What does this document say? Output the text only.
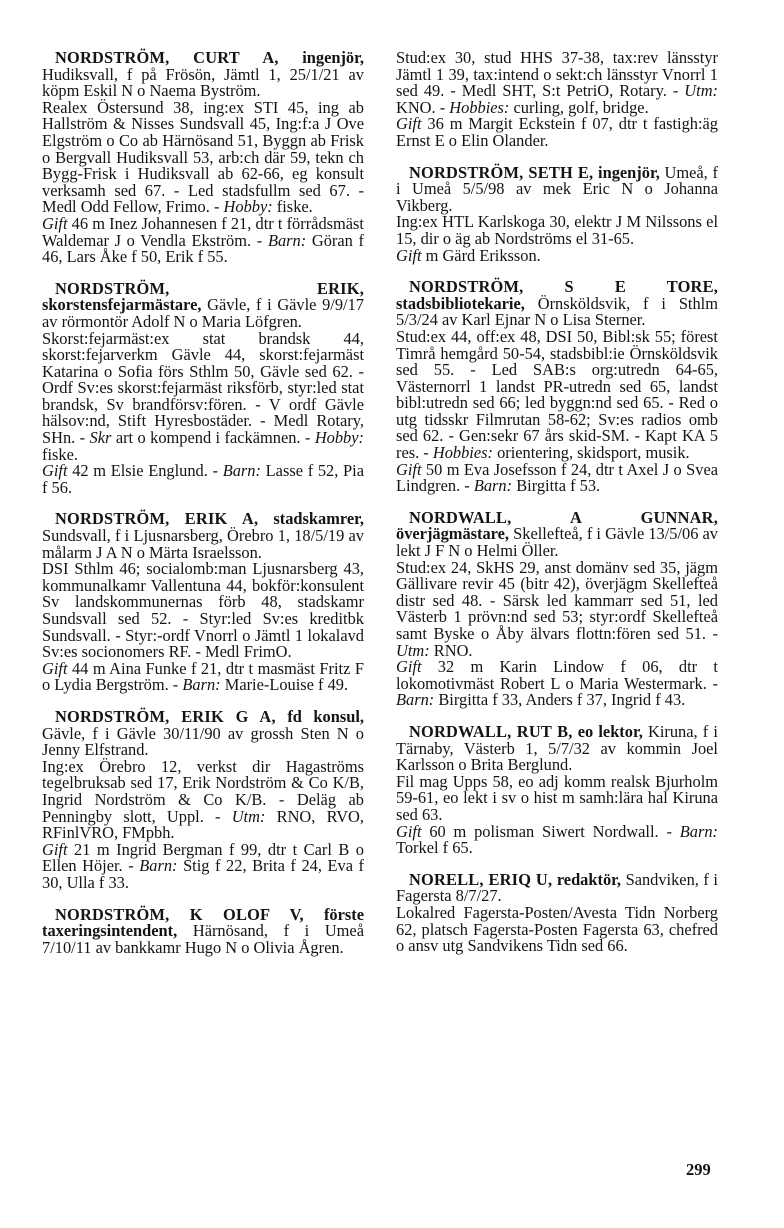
NORDSTRÖM, CURT A, ingenjör, Hudiksvall, f på Frösön, Jämtl 1, 25/1/21 av köpm Eskil N o Naema Byström.

Realex Östersund 38, ing:ex STI 45, ing ab Hallström & Nisses Sundsvall 45, Ing:f:a J Ove Elgström o Co ab Härnösand 51, Byggn ab Frisk o Bergvall Hudiksvall 53, arb:ch där 59, tekn ch Bygg-Frisk i Hudiksvall ab 62-66, eg konsult verksamh sed 67. - Led stadsfullm sed 67. - Medl Odd Fellow, Frimo. - Hobby: fiske.

Gift 46 m Inez Johannesen f 21, dtr t förrådsmäst Waldemar J o Vendla Ekström. - Barn: Göran f 46, Lars Åke f 50, Erik f 55.

NORDSTRÖM, ERIK, skorstensfejarmästare, Gävle, f i Gävle 9/9/17 av rörmontör Adolf N o Maria Löfgren.

Skorst:fejarmäst:ex stat brandsk 44, skorst:fejarverkm Gävle 44, skorst:fejarmäst Katarina o Sofia förs Sthlm 50, Gävle sed 62. - Ordf Sv:es skorst:fejarmäst riksförb, styr:led stat brandsk, Sv brandförsv:fören. - V ordf Gävle hälsov:nd, Stift Hyresbostäder. - Medl Rotary, SHn. - Skr art o kompend i fackämnen. - Hobby: fiske.

Gift 42 m Elsie Englund. - Barn: Lasse f 52, Pia f 56.

NORDSTRÖM, ERIK A, stadskamrer, Sundsvall, f i Ljusnarsberg, Örebro 1, 18/5/19 av målarm J A N o Märta Israelsson.

DSI Sthlm 46; socialomb:man Ljusnarsberg 43, kommunalkamr Vallentuna 44, bokför:konsulent Sv landskommunernas förb 48, stadskamr Sundsvall sed 52. - Styr:led Sv:es kreditbk Sundsvall. - Styr:-ordf Vnorrl o Jämtl 1 lokalavd Sv:es socionomers RF. - Medl FrimO.

Gift 44 m Aina Funke f 21, dtr t masmäst Fritz F o Lydia Bergström. - Barn: Marie-Louise f 49.

NORDSTRÖM, ERIK G A, fd konsul, Gävle, f i Gävle 30/11/90 av grossh Sten N o Jenny Elfstrand.

Ing:ex Örebro 12, verkst dir Hagaströms tegelbruksab sed 17, Erik Nordström & Co K/B, Ingrid Nordström & Co K/B. - Deläg ab Penningby slott, Uppl. - Utm: RNO, RVO, RFinlVRO, FMpbh.

Gift 21 m Ingrid Bergman f 99, dtr t Carl B o Ellen Höjer. - Barn: Stig f 22, Brita f 24, Eva f 30, Ulla f 33.

NORDSTRÖM, K OLOF V, förste taxeringsintendent, Härnösand, f i Umeå 7/10/11 av bankkamr Hugo N o Olivia Ågren.

Stud:ex 30, stud HHS 37-38, tax:rev länsstyr Jämtl 1 39, tax:intend o sekt:ch länsstyr Vnorrl 1 sed 49. - Medl SHT, S:t PetriO, Rotary. - Utm: KNO. - Hobbies: curling, golf, bridge.

Gift 36 m Margit Eckstein f 07, dtr t fastigh:äg Ernst E o Elin Olander.

NORDSTRÖM, SETH E, ingenjör, Umeå, f i Umeå 5/5/98 av mek Eric N o Johanna Vikberg.

Ing:ex HTL Karlskoga 30, elektr J M Nilssons el 15, dir o äg ab Nordströms el 31-65.

Gift m Gärd Eriksson.

NORDSTRÖM, S E TORE, stadsbibliotekarie, Örnsköldsvik, f i Sthlm 5/3/24 av Karl Ejnar N o Lisa Sterner.

Stud:ex 44, off:ex 48, DSI 50, Bibl:sk 55; förest Timrå hemgård 50-54, stadsbibl:ie Örnsköldsvik sed 55. - Led SAB:s org:utredn 64-65, Västernorrl 1 landst PR-utredn sed 65, landst bibl:utredn sed 66; led byggn:nd sed 65. - Red o utg tidsskr Filmrutan 58-62; Sv:es radios omb sed 62. - Gen:sekr 67 års skid-SM. - Kapt KA 5 res. - Hobbies: orientering, skidsport, musik.

Gift 50 m Eva Josefsson f 24, dtr t Axel J o Svea Lindgren. - Barn: Birgitta f 53.

NORDWALL, A GUNNAR, överjägmästare, Skellefteå, f i Gävle 13/5/06 av lekt J F N o Helmi Öller.

Stud:ex 24, SkHS 29, anst domänv sed 35, jägm Gällivare revir 45 (bitr 42), överjägm Skellefteå distr sed 48. - Särsk led kammarr sed 51, led Västerb 1 prövn:nd sed 53; styr:ordf Skellefteå samt Byske o Åby älvars flottn:fören sed 51. - Utm: RNO.

Gift 32 m Karin Lindow f 06, dtr t lokomotivmäst Robert L o Maria Westermark. - Barn: Birgitta f 33, Anders f 37, Ingrid f 43.

NORDWALL, RUT B, eo lektor, Kiruna, f i Tärnaby, Västerb 1, 5/7/32 av kommin Joel Karlsson o Brita Berglund.

Fil mag Upps 58, eo adj komm realsk Bjurholm 59-61, eo lekt i sv o hist m samh:lära hal Kiruna sed 63.

Gift 60 m polisman Siwert Nordwall. - Barn: Torkel f 65.

NORELL, ERIQ U, redaktör, Sandviken, f i Fagersta 8/7/27.

Lokalred Fagersta-Posten/Avesta Tidn Norberg 62, platsch Fagersta-Posten Fagersta 63, chefred o ansv utg Sandvikens Tidn sed 66.

299
